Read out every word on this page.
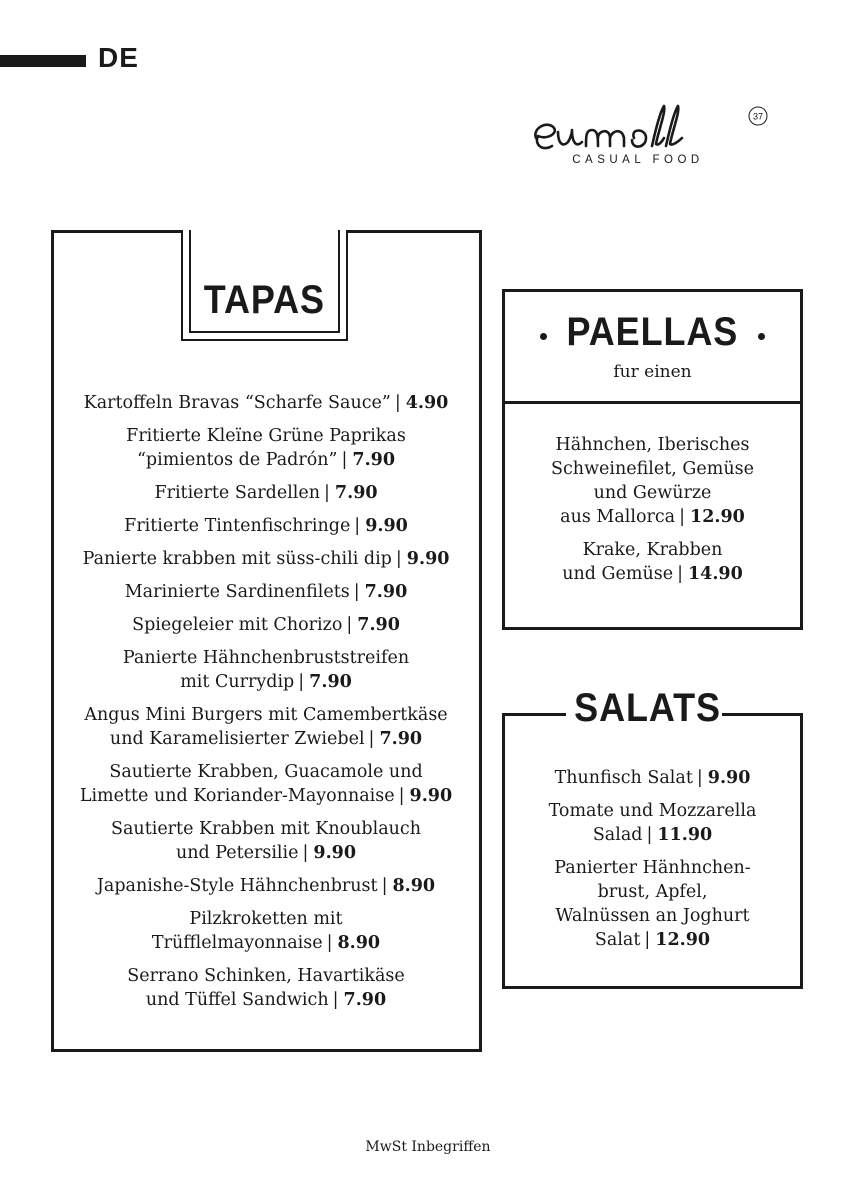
DE
37
CASUAL FOOD
TAPAS
Kartoffeln Bravas “Scharfe Sauce” | 4.90
Fritierte Kleïne Grüne Paprikas
“pimientos de Padrón” | 7.90
Fritierte Sardellen | 7.90
Fritierte Tintenfischringe | 9.90
Panierte krabben mit süss-chili dip | 9.90
Marinierte Sardinenfilets | 7.90
Spiegeleier mit Chorizo | 7.90
Panierte Hähnchenbruststreifen
mit Currydip | 7.90
Angus Mini Burgers mit Camembertkäse
und Karamelisierter Zwiebel | 7.90
Sautierte Krabben, Guacamole und
Limette und Koriander-Mayonnaise | 9.90
Sautierte Krabben mit Knoublauch
und Petersilie | 9.90
Japanishe-Style Hähnchenbrust | 8.90
Pilzkroketten mit
Trüfflelmayonnaise | 8.90
Serrano Schinken, Havartikäse
und Tüffel Sandwich | 7.90
PAELLAS
fur einen
Hähnchen, Iberisches
Schweinefilet, Gemüse
und Gewürze
aus Mallorca | 12.90
Krake, Krabben
und Gemüse | 14.90
SALATS
Thunfisch Salat | 9.90
Tomate und Mozzarella
Salad | 11.90
Panierter Hänhnchen-
brust, Apfel,
Walnüssen an Joghurt
Salat | 12.90
MwSt Inbegriffen
